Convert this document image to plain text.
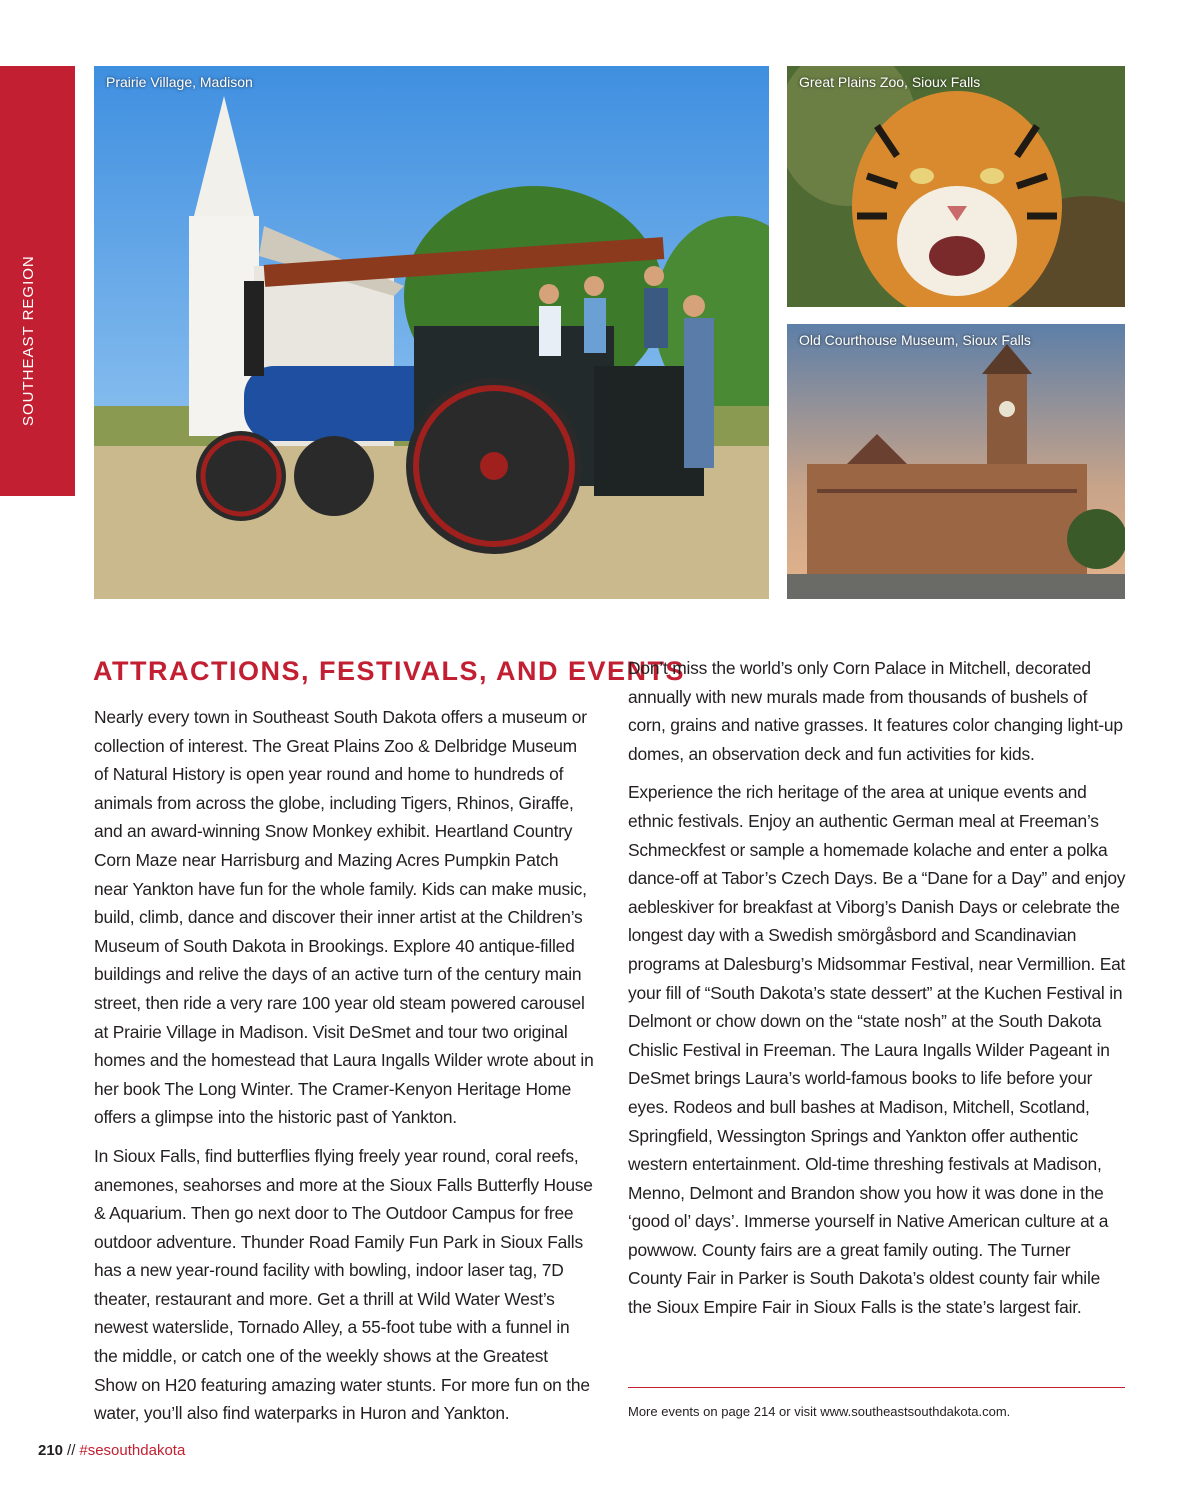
SOUTHEAST REGION
Prairie Village, Madison	Great Plains Zoo, Sioux Falls
Old Courthouse Museum, Sioux Falls
ATTRACTIONS, FESTIVALS, AND EVENTS

Nearly every town in Southeast South Dakota offers a museum or collection of interest. The Great Plains Zoo & Delbridge Museum of Natural History is open year round and home to hundreds of animals from across the globe, including Tigers, Rhinos, Giraffe, and an award-winning Snow Monkey exhibit. Heartland Country Corn Maze near Harrisburg and Mazing Acres Pumpkin Patch near Yankton have fun for the whole family. Kids can make music, build, climb, dance and discover their inner artist at the Children’s Museum of South Dakota in Brookings. Explore 40 antique-filled buildings and relive the days of an active turn of the century main street, then ride a very rare 100 year old steam powered carousel at Prairie Village in Madison. Visit DeSmet and tour two original homes and the homestead that Laura Ingalls Wilder wrote about in her book The Long Winter. The Cramer-Kenyon Heritage Home offers a glimpse into the historic past of Yankton.

In Sioux Falls, find butterflies flying freely year round, coral reefs, anemones, seahorses and more at the Sioux Falls Butterfly House & Aquarium. Then go next door to The Outdoor Campus for free outdoor adventure. Thunder Road Family Fun Park in Sioux Falls has a new year-round facility with bowling, indoor laser tag, 7D theater, restaurant and more. Get a thrill at Wild Water West’s newest waterslide, Tornado Alley, a 55-foot tube with a funnel in the middle, or catch one of the weekly shows at the Greatest Show on H20 featuring amazing water stunts. For more fun on the water, you’ll also find waterparks in Huron and Yankton.

Don’t miss the world’s only Corn Palace in Mitchell, decorated annually with new murals made from thousands of bushels of corn, grains and native grasses. It features color changing light-up domes, an observation deck and fun activities for kids.

Experience the rich heritage of the area at unique events and ethnic festivals. Enjoy an authentic German meal at Freeman’s Schmeckfest or sample a homemade kolache and enter a polka dance-off at Tabor’s Czech Days. Be a “Dane for a Day” and enjoy aebleskiver for breakfast at Viborg’s Danish Days or celebrate the longest day with a Swedish smörgåsbord and Scandinavian programs at Dalesburg’s Midsommar Festival, near Vermillion. Eat your fill of “South Dakota’s state dessert” at the Kuchen Festival in Delmont or chow down on the “state nosh” at the South Dakota Chislic Festival in Freeman. The Laura Ingalls Wilder Pageant in DeSmet brings Laura’s world-famous books to life before your eyes. Rodeos and bull bashes at Madison, Mitchell, Scotland, Springfield, Wessington Springs and Yankton offer authentic western entertainment. Old-time threshing festivals at Madison, Menno, Delmont and Brandon show you how it was done in the ‘good ol’ days’. Immerse yourself in Native American culture at a powwow. County fairs are a great family outing. The Turner County Fair in Parker is South Dakota’s oldest county fair while the Sioux Empire Fair in Sioux Falls is the state’s largest fair.

More events on page 214 or visit www.southeastsouthdakota.com.
210 // #sesouthdakota
